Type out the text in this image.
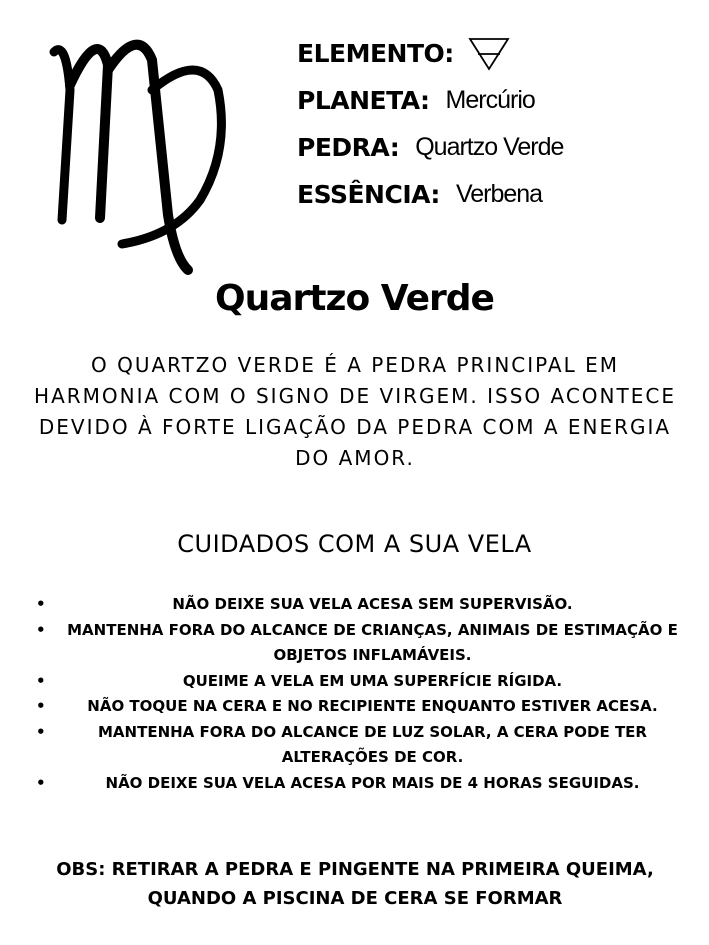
ELEMENTO:
PLANETA: Mercúrio
PEDRA: Quartzo Verde
ESSÊNCIA: Verbena
Quartzo Verde
O QUARTZO VERDE É A PEDRA PRINCIPAL EM HARMONIA COM O SIGNO DE VIRGEM. ISSO ACONTECE DEVIDO À FORTE LIGAÇÃO DA PEDRA COM A ENERGIA DO AMOR.
CUIDADOS COM A SUA VELA
•	NÃO DEIXE SUA VELA ACESA SEM SUPERVISÃO.
• MANTENHA FORA DO ALCANCE DE CRIANÇAS, ANIMAIS DE ESTIMAÇÃO E OBJETOS INFLAMÁVEIS.
•	QUEIME A VELA EM UMA SUPERFÍCIE RÍGIDA.
•	NÃO TOQUE NA CERA E NO RECIPIENTE ENQUANTO ESTIVER ACESA.
•	MANTENHA FORA DO ALCANCE DE LUZ SOLAR, A CERA PODE TER ALTERAÇÕES DE COR.
•	NÃO DEIXE SUA VELA ACESA POR MAIS DE 4 HORAS SEGUIDAS.
OBS: RETIRAR A PEDRA E PINGENTE NA PRIMEIRA QUEIMA, QUANDO A PISCINA DE CERA SE FORMAR
